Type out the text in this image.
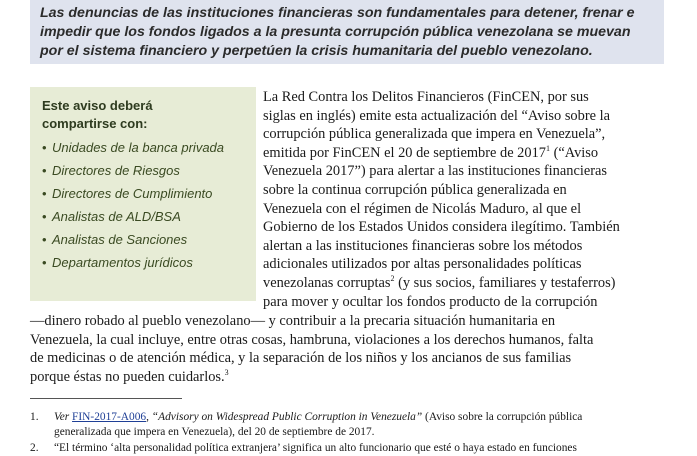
Las denuncias de las instituciones financieras son fundamentales para detener, frenar e impedir que los fondos ligados a la presunta corrupción pública venezolana se muevan por el sistema financiero y perpetúen la crisis humanitaria del pueblo venezolano.
Este aviso deberá compartirse con:
• Unidades de la banca privada
• Directores de Riesgos
• Directores de Cumplimiento
• Analistas de ALD/BSA
• Analistas de Sanciones
• Departamentos jurídicos
La Red Contra los Delitos Financieros (FinCEN, por sus
siglas en inglés) emite esta actualización del “Aviso sobre la
corrupción pública generalizada que impera en Venezuela”,
emitida por FinCEN el 20 de septiembre de 2017$^1$ (“Aviso
Venezuela 2017”) para alertar a las instituciones financieras
sobre la continua corrupción pública generalizada en
Venezuela con el régimen de Nicolás Maduro, al que el
Gobierno de los Estados Unidos considera ilegítimo. También
alertan a las instituciones financieras sobre los métodos
adicionales utilizados por altas personalidades políticas
venezolanas corruptas$^2$ (y sus socios, familiares y testaferros)
para mover y ocultar los fondos producto de la corrupción
—dinero robado al pueblo venezolano— y contribuir a la precaria situación humanitaria en
Venezuela, la cual incluye, entre otras cosas, hambruna, violaciones a los derechos humanos, falta
de medicinas o de atención médica, y la separación de los niños y los ancianos de sus familias
porque éstas no pueden cuidarlos.$^3$
1. Ver FIN-2017-A006, “Advisory on Widespread Public Corruption in Venezuela” (Aviso sobre la corrupción pública
generalizada que impera en Venezuela), del 20 de septiembre de 2017.
2. “El término ‘alta personalidad política extranjera’ significa un alto funcionario que esté o haya estado en funciones
